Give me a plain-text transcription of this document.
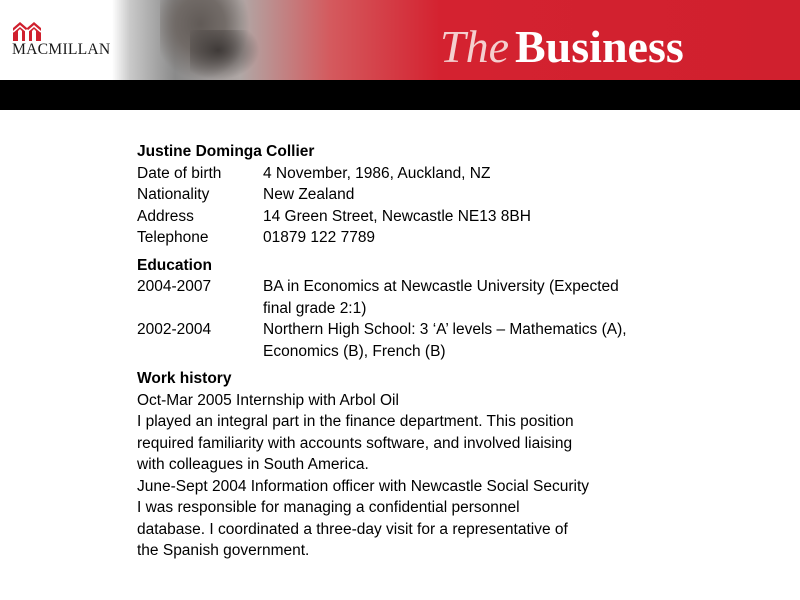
MACMILLAN	The Business
Justine Dominga Collier
Date of birth	4 November, 1986, Auckland, NZ
Nationality	New Zealand
Address	14 Green Street, Newcastle NE13 8BH
Telephone	01879 122 7789
Education
2004-2007	BA in Economics at Newcastle University (Expected
final grade 2:1)
2002-2004	Northern High School: 3 ‘A’ levels – Mathematics (A),
Economics (B), French (B)
Work history
Oct-Mar 2005 Internship with Arbol Oil
I played an integral part in the finance department. This position
required familiarity with accounts software, and involved liaising
with colleagues in South America.
June-Sept 2004 Information officer with Newcastle Social Security
I was responsible for managing a confidential personnel
database. I coordinated a three-day visit for a representative of
the Spanish government.
